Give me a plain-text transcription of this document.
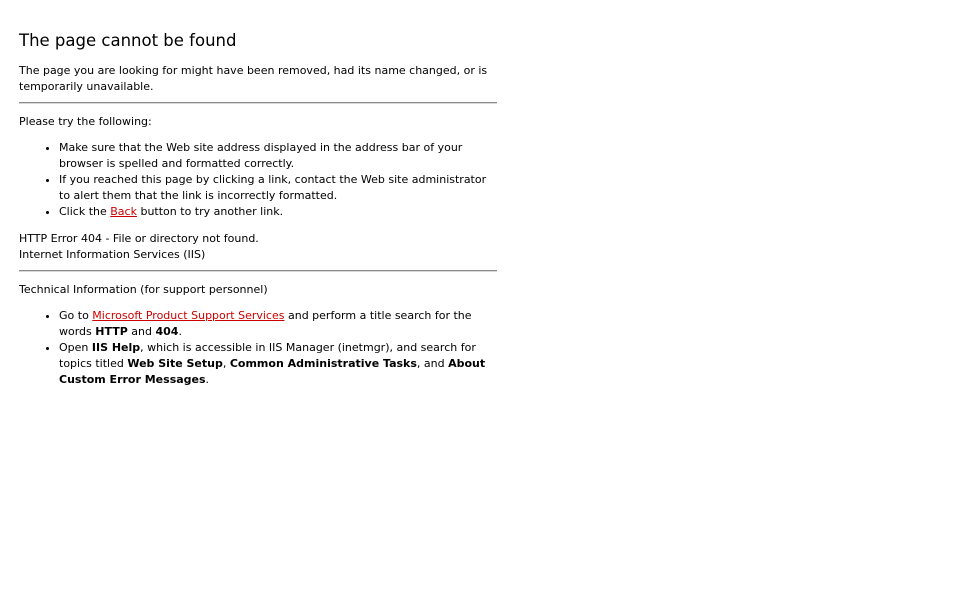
The page cannot be found

The page you are looking for might have been removed, had its name changed, or is temporarily unavailable.

Please try the following:

• Make sure that the Web site address displayed in the address bar of your browser is spelled and formatted correctly.
• If you reached this page by clicking a link, contact the Web site administrator to alert them that the link is incorrectly formatted.
• Click the Back button to try another link.

HTTP Error 404 - File or directory not found.

Internet Information Services (IIS)

Technical Information (for support personnel)

• Go to Microsoft Product Support Services and perform a title search for the words HTTP and 404.
• Open IIS Help, which is accessible in IIS Manager (inetmgr), and search for topics titled Web Site Setup, Common Administrative Tasks, and About Custom Error Messages.
